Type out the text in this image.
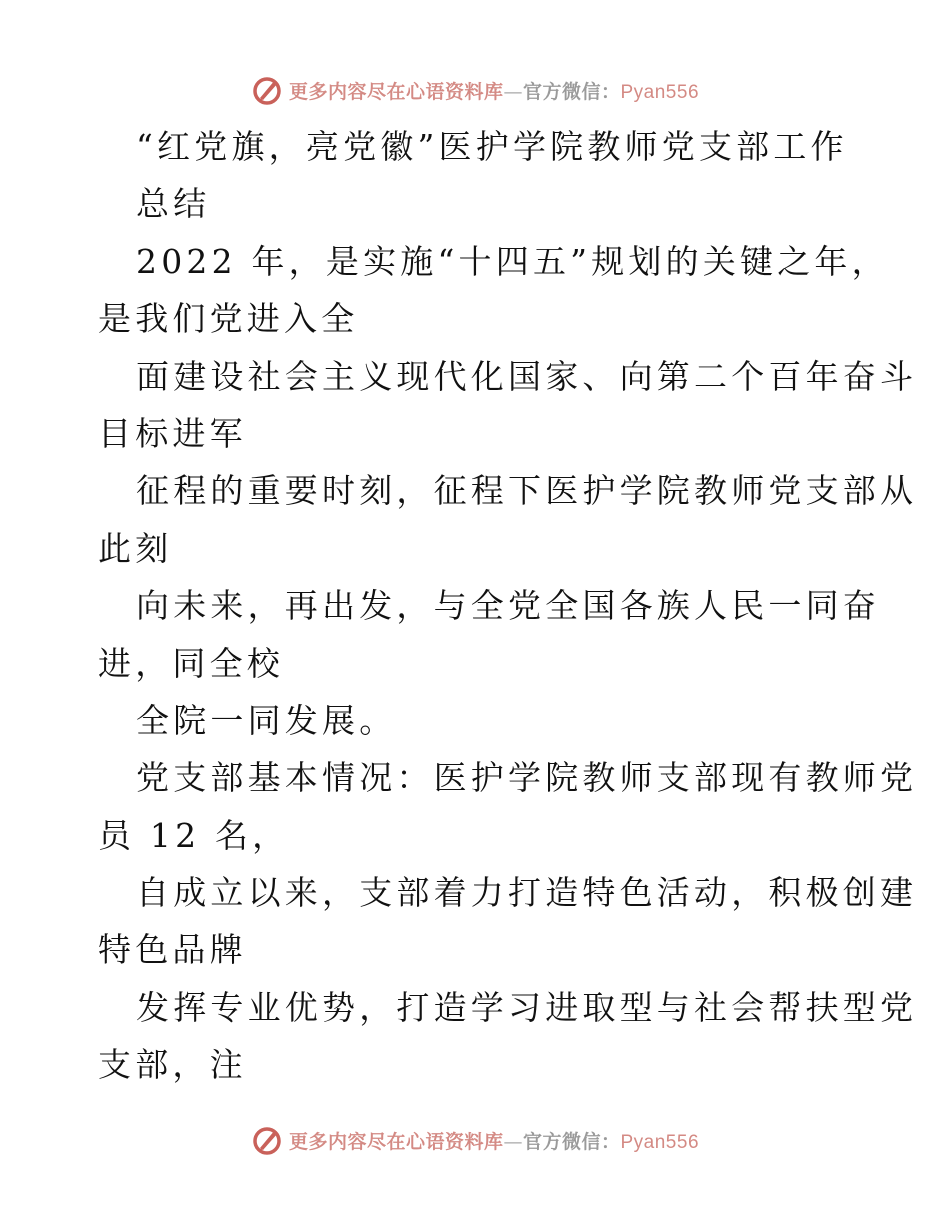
更多内容尽在心语资料库—官方微信：Pyan556
“红党旗，亮党徽”医护学院教师党支部工作
总结
2022 年，是实施“十四五”规划的关键之年，
是我们党进入全
面建设社会主义现代化国家、向第二个百年奋斗
目标进军
征程的重要时刻，征程下医护学院教师党支部从
此刻
向未来，再出发，与全党全国各族人民一同奋
进，同全校
全院一同发展。
党支部基本情况：医护学院教师支部现有教师党
员 12 名，
自成立以来，支部着力打造特色活动，积极创建
特色品牌
发挥专业优势，打造学习进取型与社会帮扶型党
支部，注
更多内容尽在心语资料库—官方微信：Pyan556
